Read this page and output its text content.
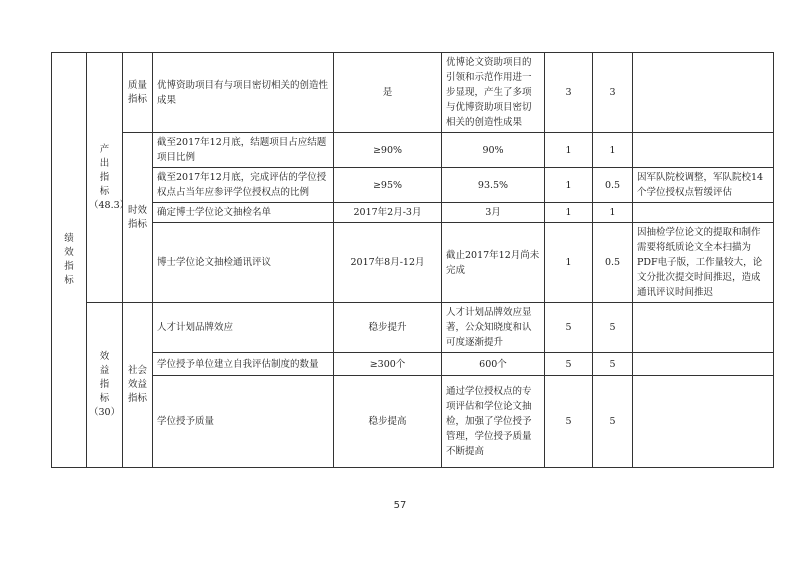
绩效指标	产出指标 （48.3）	质量指标	优博资助项目有与项目密切相关的创造性成果	是	优博论文资助项目的引领和示范作用进一步显现，产生了多项与优博资助项目密切相关的创造性成果	3	3	
		时效指标	截至2017年12月底，结题项目占应结题项目比例	≥90%	90%	1	1	
			截至2017年12月底，完成评估的学位授权点占当年应参评学位授权点的比例	≥95%	93.5%	1	0.5	因军队院校调整，军队院校14个学位授权点暂缓评估
			确定博士学位论文抽检名单	2017年2月-3月	3月	1	1	
			博士学位论文抽检通讯评议	2017年8月-12月	截止2017年12月尚未完成	1	0.5	因抽检学位论文的提取和制作需要将纸质论文全本扫描为PDF电子版，工作量较大，论文分批次提交时间推迟，造成通讯评议时间推迟
	效益指标 （30）	社会效益指标	人才计划品牌效应	稳步提升	人才计划品牌效应显著，公众知晓度和认可度逐渐提升	5	5	
			学位授予单位建立自我评估制度的数量	≥300个	600个	5	5	
			学位授予质量	稳步提高	通过学位授权点的专项评估和学位论文抽检，加强了学位授予管理，学位授予质量不断提高	5	5	
57
